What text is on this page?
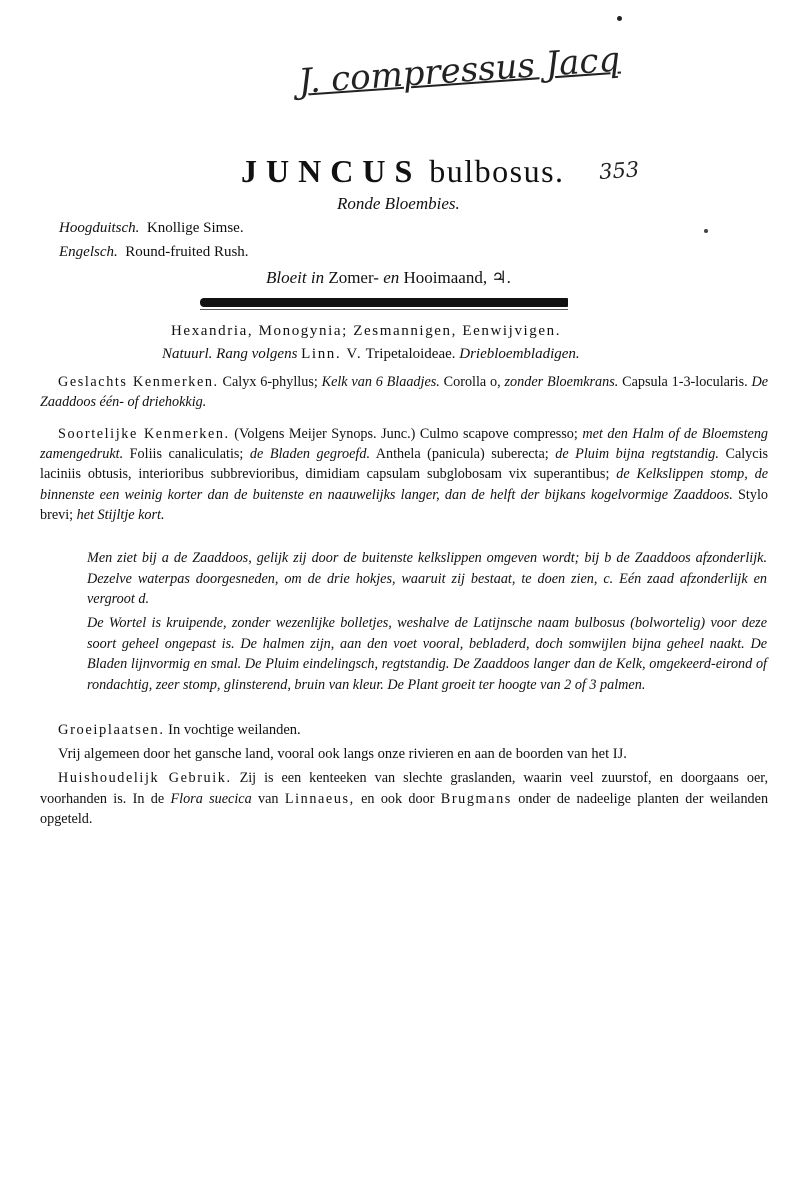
J. compressus Jacq
353
JUNCUS bulbosus.
Ronde Bloembies.
Hoogduitsch. Knollige Simse.
Engelsch. Round-fruited Rush.
Bloeit in Zomer- en Hooimaand, ♃.
Hexandria, Monogynia; Zesmannigen, Eenwijvigen.
Natuurl. Rang volgens Linn. V. Tripetaloideae. Driebloembladigen.

Geslachts Kenmerken. Calyx 6-phyllus; Kelk van 6 Blaadjes. Corolla o, zonder Bloemkrans. Capsula 1-3-locularis. De Zaaddoos één- of driehokkig.

Soortelijke Kenmerken. (Volgens Meijer Synops. Junc.) Culmo scapove compresso; met den Halm of de Bloemsteng zamengedrukt. Foliis canaliculatis; de Bladen gegroefd. Anthela (panicula) suberecta; de Pluim bijna regtstandig. Calycis laciniis obtusis, interioribus subbrevioribus, dimidiam capsulam subglobosam vix superantibus; de Kelkslippen stomp, de binnenste een weinig korter dan de buitenste en naauwelijks langer, dan de helft der bijkans kogelvormige Zaaddoos. Stylo brevi; het Stijltje kort.

Men ziet bij a de Zaaddoos, gelijk zij door de buitenste kelkslippen omgeven wordt; bij b de Zaaddoos afzonderlijk. Dezelve waterpas doorgesneden, om de drie hokjes, waaruit zij bestaat, te doen zien, c. Eén zaad afzonderlijk en vergroot d.
De Wortel is kruipende, zonder wezenlijke bolletjes, weshalve de Latijnsche naam bulbosus (bolwortelig) voor deze soort geheel ongepast is. De halmen zijn, aan den voet vooral, bebladerd, doch somwijlen bijna geheel naakt. De Bladen lijnvormig en smal. De Pluim eindelingsch, regtstandig. De Zaaddoos langer dan de Kelk, omgekeerd-eirond of rondachtig, zeer stomp, glinsterend, bruin van kleur. De Plant groeit ter hoogte van 2 of 3 palmen.
Groeiplaatsen. In vochtige weilanden.
Vrij algemeen door het gansche land, vooral ook langs onze rivieren en aan de boorden van het IJ.
Huishoudelijk Gebruik. Zij is een kenteeken van slechte graslanden, waarin veel zuurstof, en doorgaans oer, voorhanden is. In de Flora suecica van Linnaeus, en ook door Brugmans onder de nadeelige planten der weilanden opgeteld.
